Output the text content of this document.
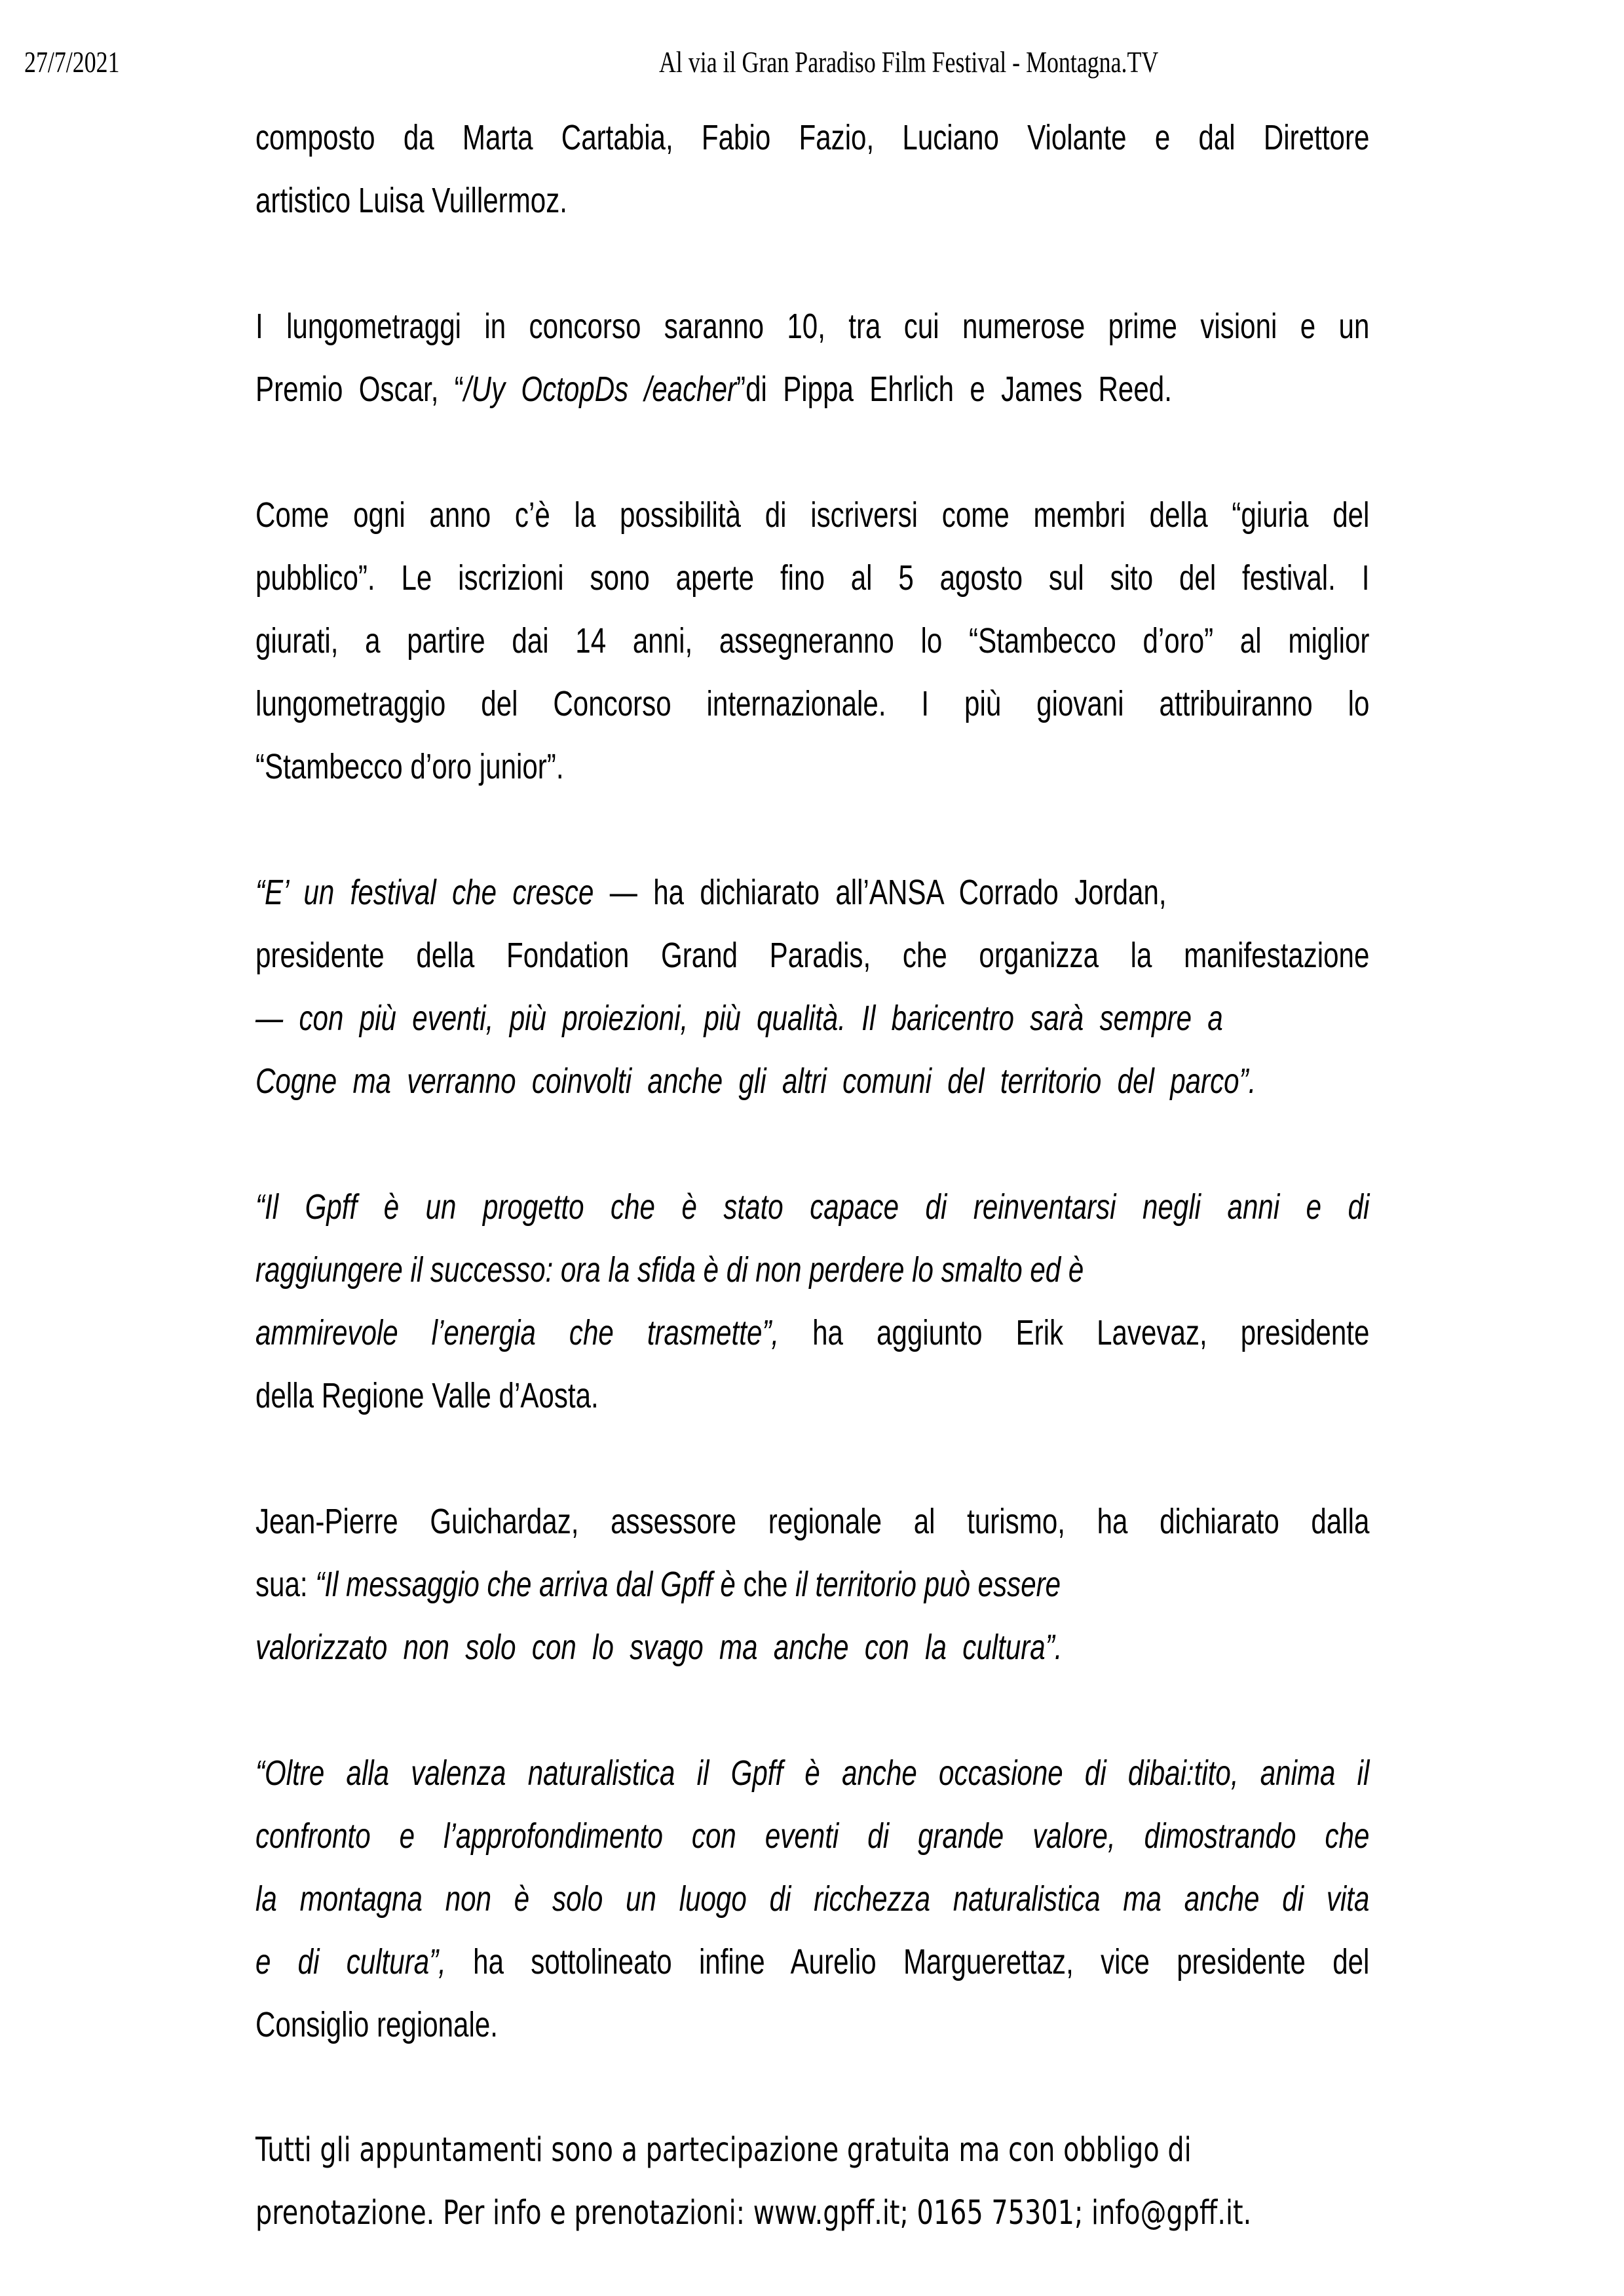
27/7/2021	Al via il Gran Paradiso Film Festival - Montagna.TV
composto da Marta Cartabia, Fabio Fazio, Luciano Violante e dal Direttore
artistico Luisa Vuillermoz.
I lungometraggi in concorso saranno 10, tra cui numerose prime visioni e un
Premio Oscar, “/Uy OctopDs /eacher”di Pippa Ehrlich e James Reed.
Come ogni anno c’è la possibilità di iscriversi come membri della “giuria del
pubblico”. Le iscrizioni sono aperte fino al 5 agosto sul sito del festival. I
giurati, a partire dai 14 anni, assegneranno lo “Stambecco d’oro” al miglior
lungometraggio del Concorso internazionale. I più giovani attribuiranno lo
“Stambecco d’oro junior”.
“E’ un festival che cresce — ha dichiarato all’ANSA Corrado Jordan,
presidente della Fondation Grand Paradis, che organizza la manifestazione
— con più eventi, più proiezioni, più qualità. Il baricentro sarà sempre a
Cogne ma verranno coinvolti anche gli altri comuni del territorio del parco”.
“Il Gpff è un progetto che è stato capace di reinventarsi negli anni e di
raggiungere il successo: ora la sfida è di non perdere lo smalto ed è
ammirevole l’energia che trasmette”, ha aggiunto Erik Lavevaz, presidente
della Regione Valle d’Aosta.
Jean-Pierre Guichardaz, assessore regionale al turismo, ha dichiarato dalla
sua: “Il messaggio che arriva dal Gpff è che il territorio può essere
valorizzato non solo con lo svago ma anche con la cultura”.
“Oltre alla valenza naturalistica il Gpff è anche occasione di dibai:tito, anima il
confronto e l’approfondimento con eventi di grande valore, dimostrando che
la montagna non è solo un luogo di ricchezza naturalistica ma anche di vita
e di cultura”, ha sottolineato infine Aurelio Marguerettaz, vice presidente del
Consiglio regionale.
Tutti gli appuntamenti sono a partecipazione gratuita ma con obbligo di
prenotazione. Per info e prenotazioni: www.gpff.it; 0165 75301; info@gpff.it.
